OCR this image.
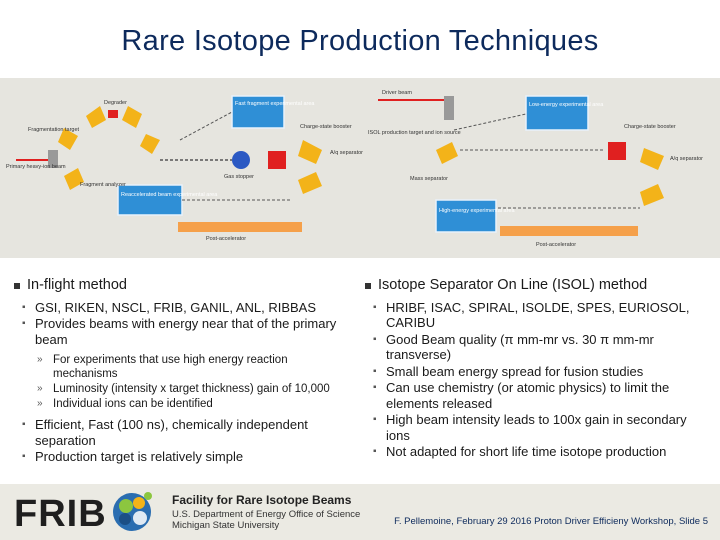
Rare Isotope Production Techniques
Fragmentation target
Primary heavy-ion beam
Degrader
Fragment analyzer
Fast fragment experimental area
Charge-state booster
Gas stopper
A/q separator
Reaccelerated beam experimental area
Post-accelerator
Driver beam
ISOL production target and ion source
Low-energy experimental area
Charge-state booster
A/q separator
Mass separator
High-energy experimental area
Post-accelerator
In-flight method
▪ GSI, RIKEN, NSCL, FRIB, GANIL, ANL, RIBBAS
▪ Provides beams with energy near that of the primary beam
» For experiments that use high energy reaction mechanisms
» Luminosity (intensity x target thickness) gain of 10,000
» Individual ions can be identified
▪ Efficient, Fast (100 ns), chemically independent separation
▪ Production target is relatively simple
Isotope Separator On Line (ISOL) method
▪ HRIBF, ISAC, SPIRAL, ISOLDE, SPES, EURIOSOL, CARIBU
▪ Good Beam quality (π mm-mr vs. 30 π mm-mr transverse)
▪ Small beam energy spread for fusion studies
▪ Can use chemistry (or atomic physics) to limit the elements released
▪ High beam intensity leads to 100x gain in secondary ions
▪ Not adapted for short life time isotope production
FRIB	Facility for Rare Isotope Beams
U.S. Department of Energy Office of Science
Michigan State University	F. Pellemoine, February 29 2016 Proton Driver Efficieny Workshop, Slide 5
